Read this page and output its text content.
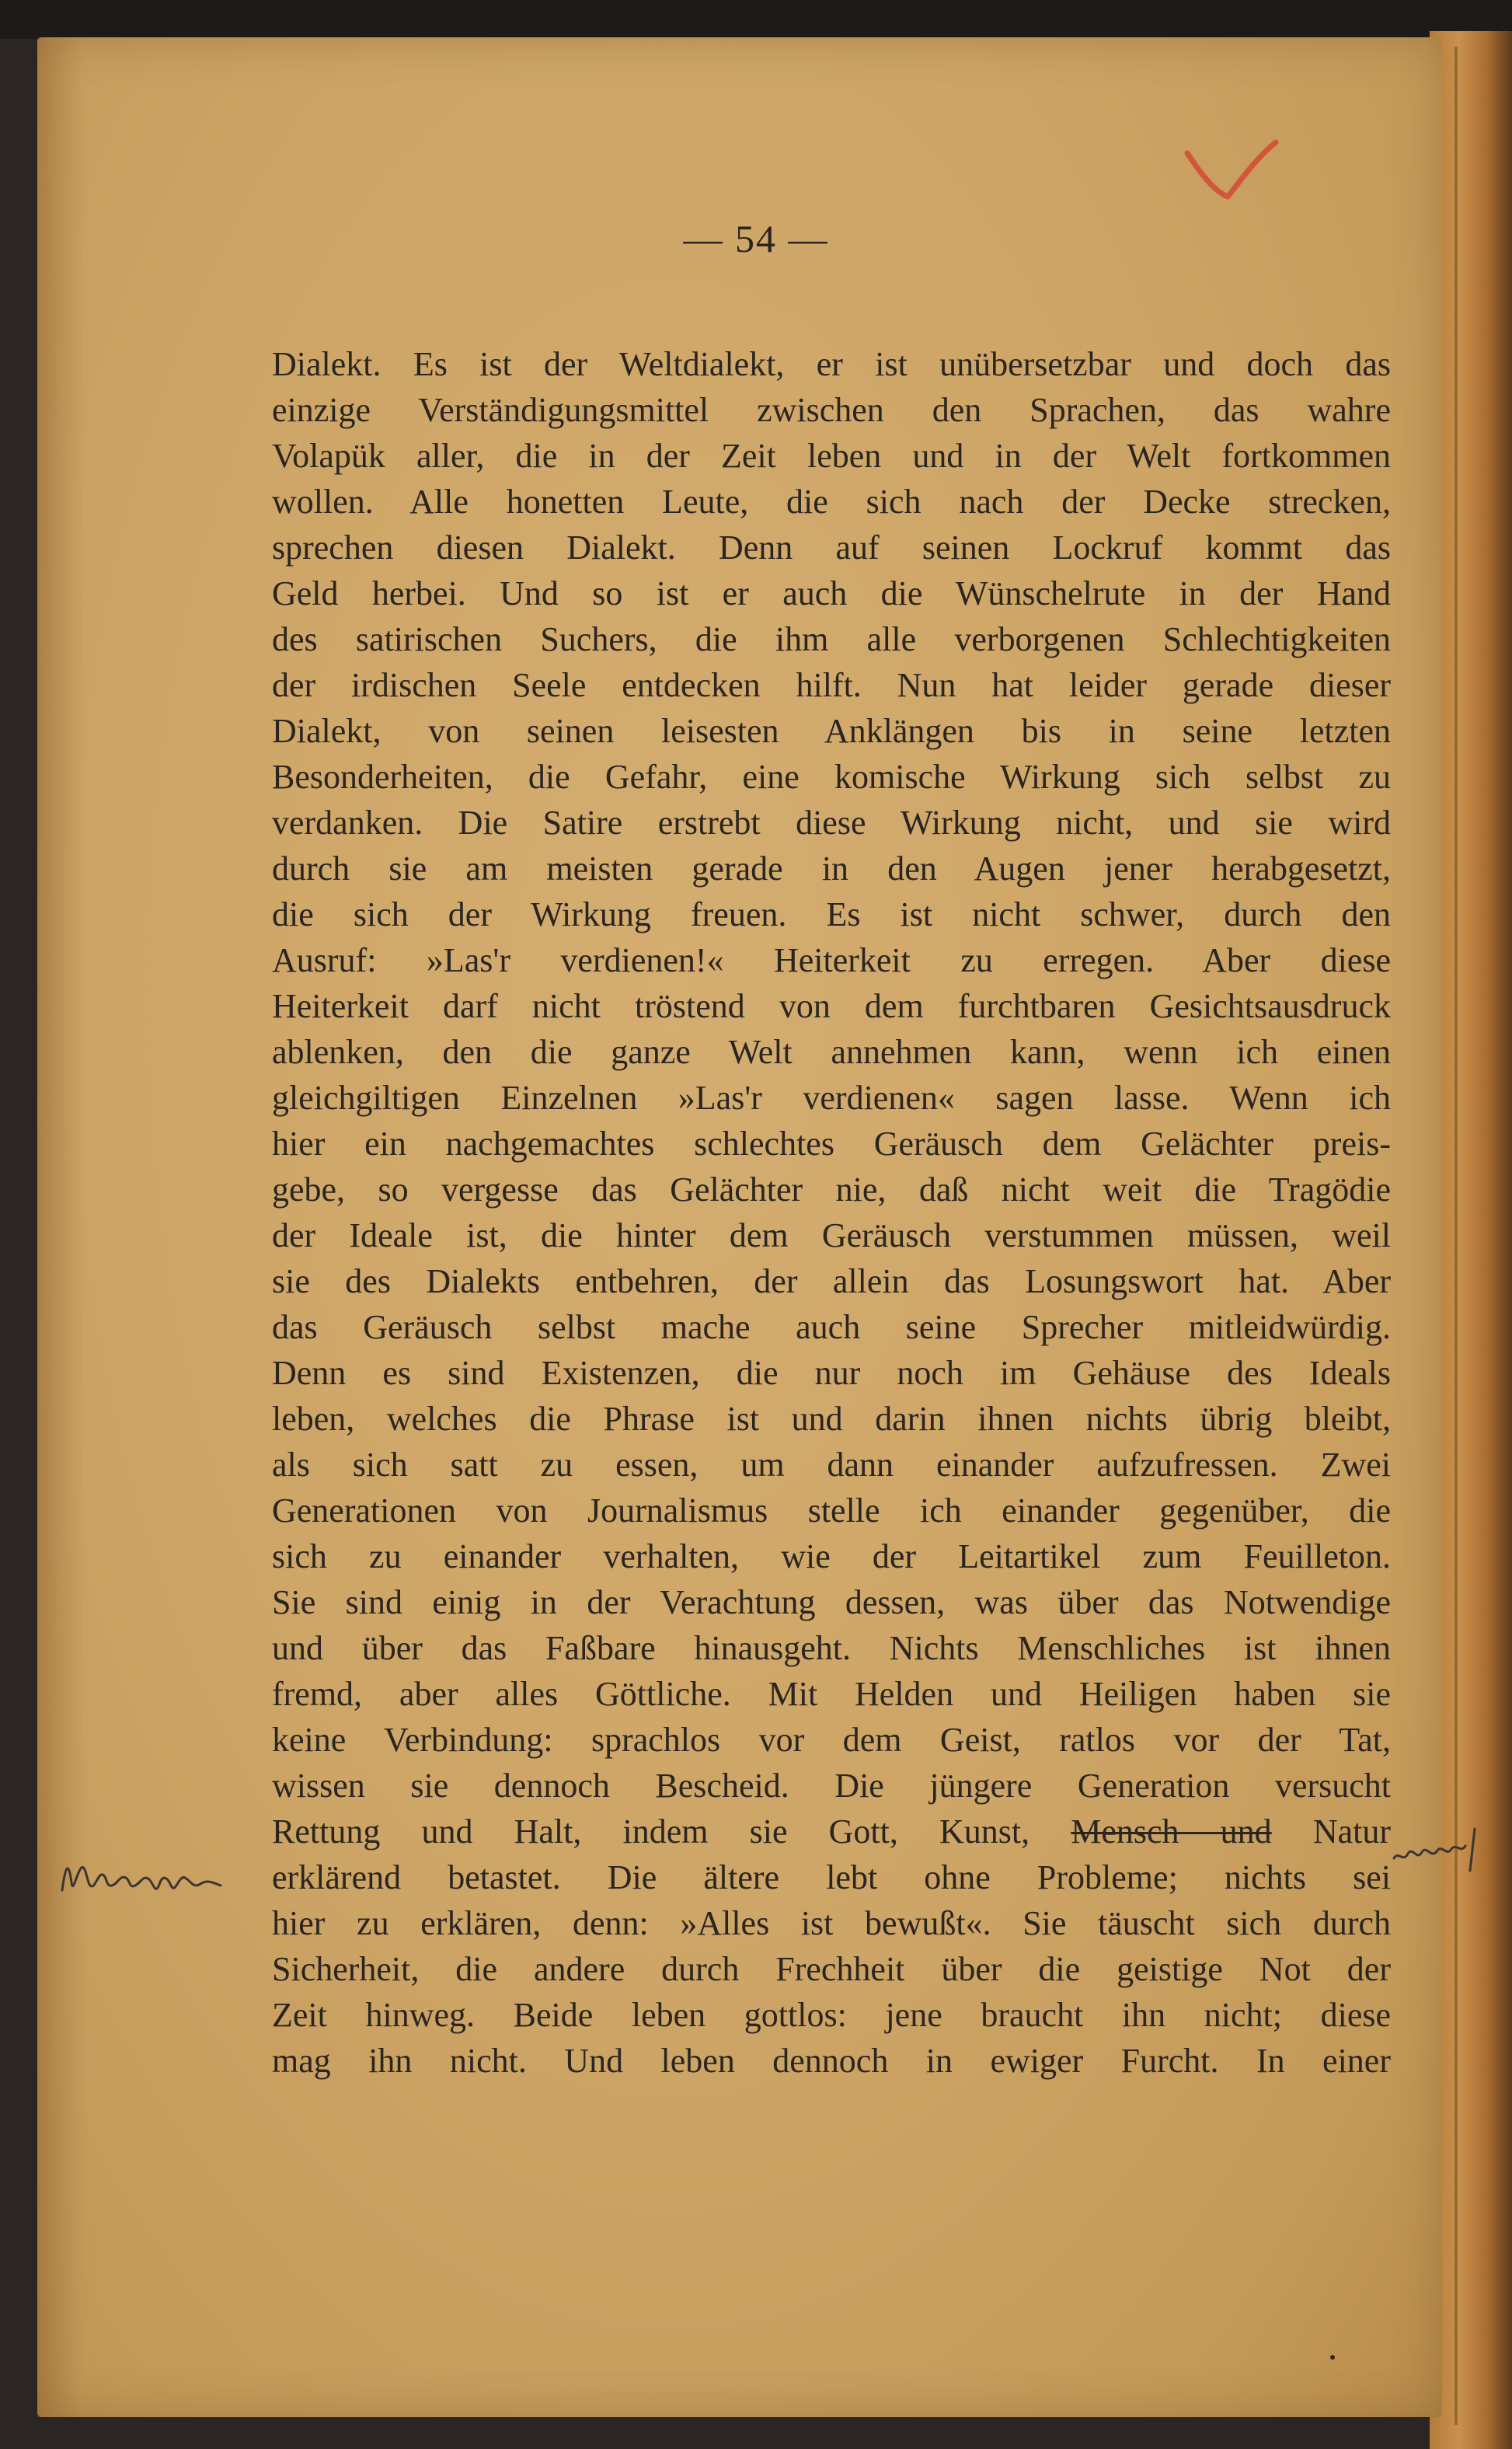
— 54 —
Dialekt. Es ist der Weltdialekt, er ist unübersetzbar und doch das
einzige Verständigungsmittel zwischen den Sprachen, das wahre
Volapük aller, die in der Zeit leben und in der Welt fortkommen
wollen. Alle honetten Leute, die sich nach der Decke strecken,
sprechen diesen Dialekt. Denn auf seinen Lockruf kommt das
Geld herbei. Und so ist er auch die Wünschelrute in der Hand
des satirischen Suchers, die ihm alle verborgenen Schlechtigkeiten
der irdischen Seele entdecken hilft. Nun hat leider gerade dieser
Dialekt, von seinen leisesten Anklängen bis in seine letzten
Besonderheiten, die Gefahr, eine komische Wirkung sich selbst zu
verdanken. Die Satire erstrebt diese Wirkung nicht, und sie wird
durch sie am meisten gerade in den Augen jener herabgesetzt,
die sich der Wirkung freuen. Es ist nicht schwer, durch den
Ausruf: »Las'r verdienen!« Heiterkeit zu erregen. Aber diese
Heiterkeit darf nicht tröstend von dem furchtbaren Gesichtsausdruck
ablenken, den die ganze Welt annehmen kann, wenn ich einen
gleichgiltigen Einzelnen »Las'r verdienen« sagen lasse. Wenn ich
hier ein nachgemachtes schlechtes Geräusch dem Gelächter preis-
gebe, so vergesse das Gelächter nie, daß nicht weit die Tragödie
der Ideale ist, die hinter dem Geräusch verstummen müssen, weil
sie des Dialekts entbehren, der allein das Losungswort hat. Aber
das Geräusch selbst mache auch seine Sprecher mitleidwürdig.
Denn es sind Existenzen, die nur noch im Gehäuse des Ideals
leben, welches die Phrase ist und darin ihnen nichts übrig bleibt,
als sich satt zu essen, um dann einander aufzufressen. Zwei
Generationen von Journalismus stelle ich einander gegenüber, die
sich zu einander verhalten, wie der Leitartikel zum Feuilleton.
Sie sind einig in der Verachtung dessen, was über das Notwendige
und über das Faßbare hinausgeht. Nichts Menschliches ist ihnen
fremd, aber alles Göttliche. Mit Helden und Heiligen haben sie
keine Verbindung: sprachlos vor dem Geist, ratlos vor der Tat,
wissen sie dennoch Bescheid. Die jüngere Generation versucht
Rettung und Halt, indem sie Gott, Kunst, Mensch und Natur
erklärend betastet. Die ältere lebt ohne Probleme; nichts sei
hier zu erklären, denn: »Alles ist bewußt«. Sie täuscht sich durch
Sicherheit, die andere durch Frechheit über die geistige Not der
Zeit hinweg. Beide leben gottlos: jene braucht ihn nicht; diese
mag ihn nicht. Und leben dennoch in ewiger Furcht. In einer
